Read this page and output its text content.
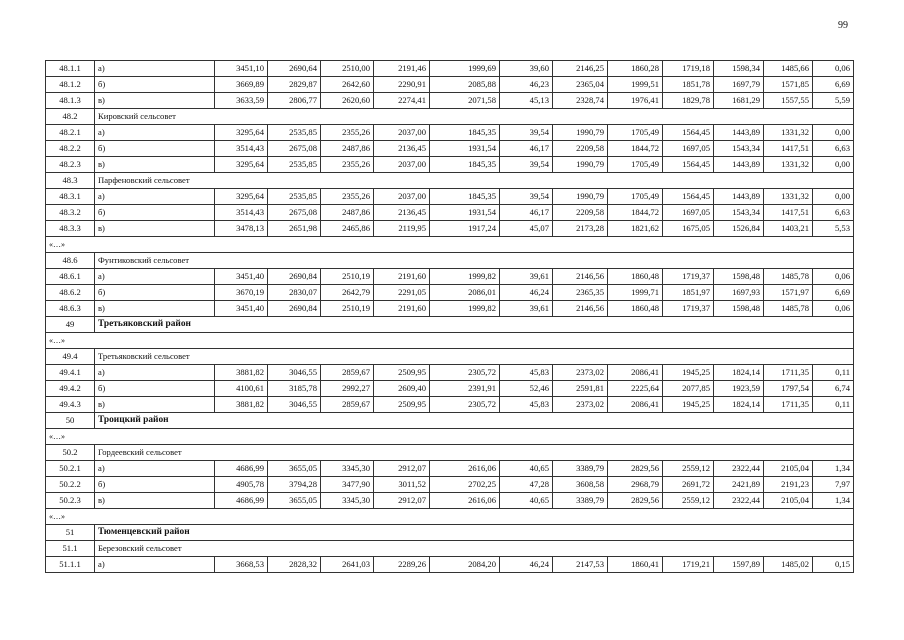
99
48.1.1	а)	3451,10	2690,64	2510,00	2191,46	1999,69	39,60	2146,25	1860,28	1719,18	1598,34	1485,66	0,06
48.1.2	б)	3669,89	2829,87	2642,60	2290,91	2085,88	46,23	2365,04	1999,51	1851,78	1697,79	1571,85	6,69
48.1.3	в)	3633,59	2806,77	2620,60	2274,41	2071,58	45,13	2328,74	1976,41	1829,78	1681,29	1557,55	5,59
48.2	Кировский сельсовет												
48.2.1	а)	3295,64	2535,85	2355,26	2037,00	1845,35	39,54	1990,79	1705,49	1564,45	1443,89	1331,32	0,00
48.2.2	б)	3514,43	2675,08	2487,86	2136,45	1931,54	46,17	2209,58	1844,72	1697,05	1543,34	1417,51	6,63
48.2.3	в)	3295,64	2535,85	2355,26	2037,00	1845,35	39,54	1990,79	1705,49	1564,45	1443,89	1331,32	0,00
48.3	Парфеновский сельсовет												
48.3.1	а)	3295,64	2535,85	2355,26	2037,00	1845,35	39,54	1990,79	1705,49	1564,45	1443,89	1331,32	0,00
48.3.2	б)	3514,43	2675,08	2487,86	2136,45	1931,54	46,17	2209,58	1844,72	1697,05	1543,34	1417,51	6,63
48.3.3	в)	3478,13	2651,98	2465,86	2119,95	1917,24	45,07	2173,28	1821,62	1675,05	1526,84	1403,21	5,53
«…»													
48.6	Фунтиковский сельсовет												
48.6.1	а)	3451,40	2690,84	2510,19	2191,60	1999,82	39,61	2146,56	1860,48	1719,37	1598,48	1485,78	0,06
48.6.2	б)	3670,19	2830,07	2642,79	2291,05	2086,01	46,24	2365,35	1999,71	1851,97	1697,93	1571,97	6,69
48.6.3	в)	3451,40	2690,84	2510,19	2191,60	1999,82	39,61	2146,56	1860,48	1719,37	1598,48	1485,78	0,06
49	Третьяковский район												
«…»													
49.4	Третьяковский сельсовет												
49.4.1	а)	3881,82	3046,55	2859,67	2509,95	2305,72	45,83	2373,02	2086,41	1945,25	1824,14	1711,35	0,11
49.4.2	б)	4100,61	3185,78	2992,27	2609,40	2391,91	52,46	2591,81	2225,64	2077,85	1923,59	1797,54	6,74
49.4.3	в)	3881,82	3046,55	2859,67	2509,95	2305,72	45,83	2373,02	2086,41	1945,25	1824,14	1711,35	0,11
50	Троицкий район												
«…»													
50.2	Гордеевский сельсовет												
50.2.1	а)	4686,99	3655,05	3345,30	2912,07	2616,06	40,65	3389,79	2829,56	2559,12	2322,44	2105,04	1,34
50.2.2	б)	4905,78	3794,28	3477,90	3011,52	2702,25	47,28	3608,58	2968,79	2691,72	2421,89	2191,23	7,97
50.2.3	в)	4686,99	3655,05	3345,30	2912,07	2616,06	40,65	3389,79	2829,56	2559,12	2322,44	2105,04	1,34
«…»													
51	Тюменцевский район												
51.1	Березовский сельсовет												
51.1.1	а)	3668,53	2828,32	2641,03	2289,26	2084,20	46,24	2147,53	1860,41	1719,21	1597,89	1485,02	0,15
